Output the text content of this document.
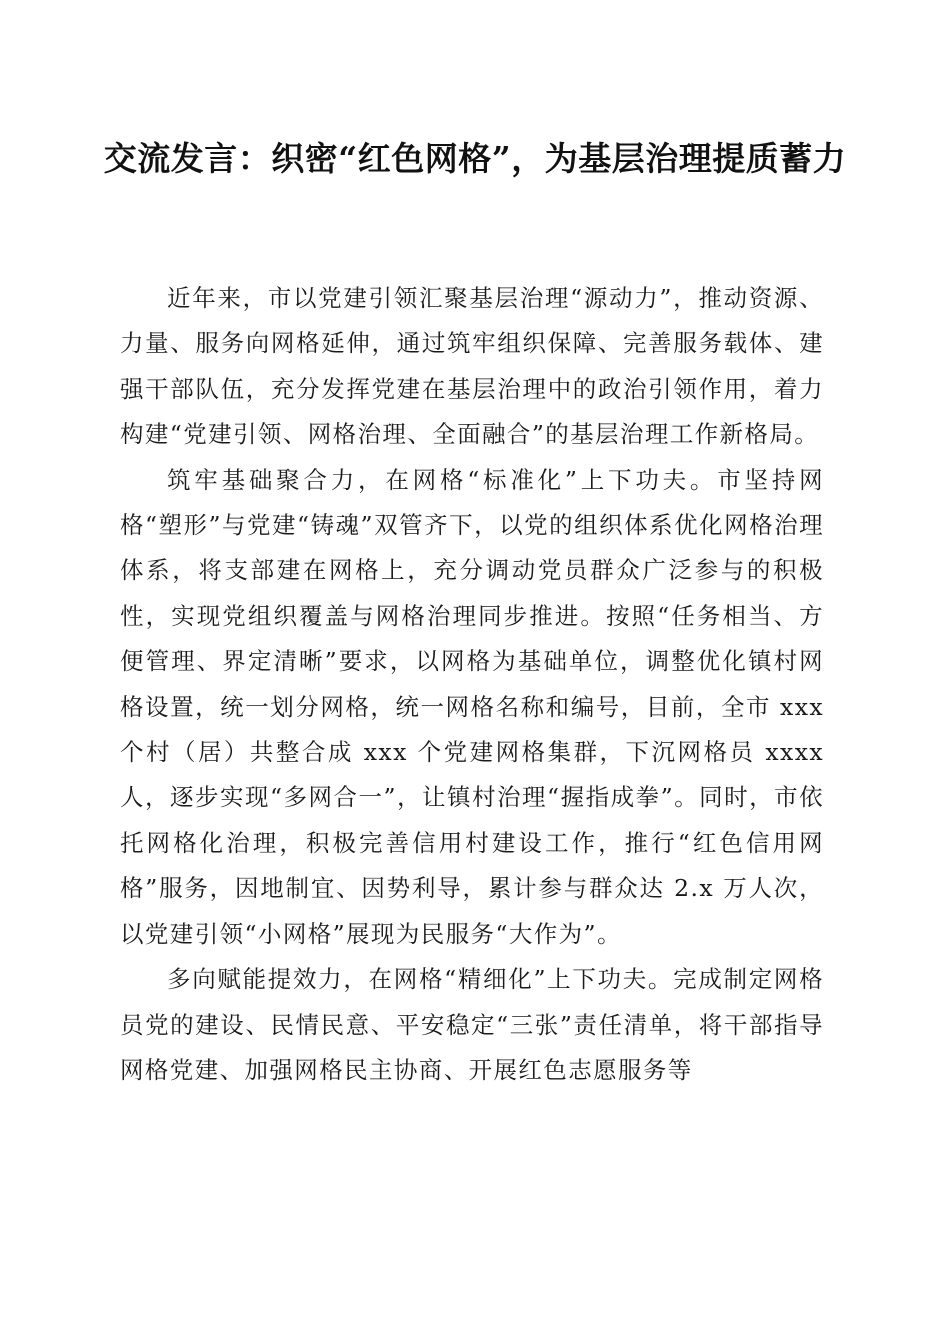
交流发言：织密“红色网格”，为基层治理提质蓄力

近年来，市以党建引领汇聚基层治理“源动力”，推动资源、力量、服务向网格延伸，通过筑牢组织保障、完善服务载体、建强干部队伍，充分发挥党建在基层治理中的政治引领作用，着力构建“党建引领、网格治理、全面融合”的基层治理工作新格局。

筑牢基础聚合力，在网格“标准化”上下功夫。市坚持网格“塑形”与党建“铸魂”双管齐下，以党的组织体系优化网格治理体系，将支部建在网格上，充分调动党员群众广泛参与的积极性，实现党组织覆盖与网格治理同步推进。按照“任务相当、方便管理、界定清晰”要求，以网格为基础单位，调整优化镇村网格设置，统一划分网格，统一网格名称和编号，目前，全市 xxx 个村（居）共整合成 xxx 个党建网格集群，下沉网格员 xxxx 人，逐步实现“多网合一”，让镇村治理“握指成拳”。同时，市依托网格化治理，积极完善信用村建设工作，推行“红色信用网格”服务，因地制宜、因势利导，累计参与群众达 2.x 万人次，以党建引领“小网格”展现为民服务“大作为”。

多向赋能提效力，在网格“精细化”上下功夫。完成制定网格员党的建设、民情民意、平安稳定“三张”责任清单，将干部指导网格党建、加强网格民主协商、开展红色志愿服务等
